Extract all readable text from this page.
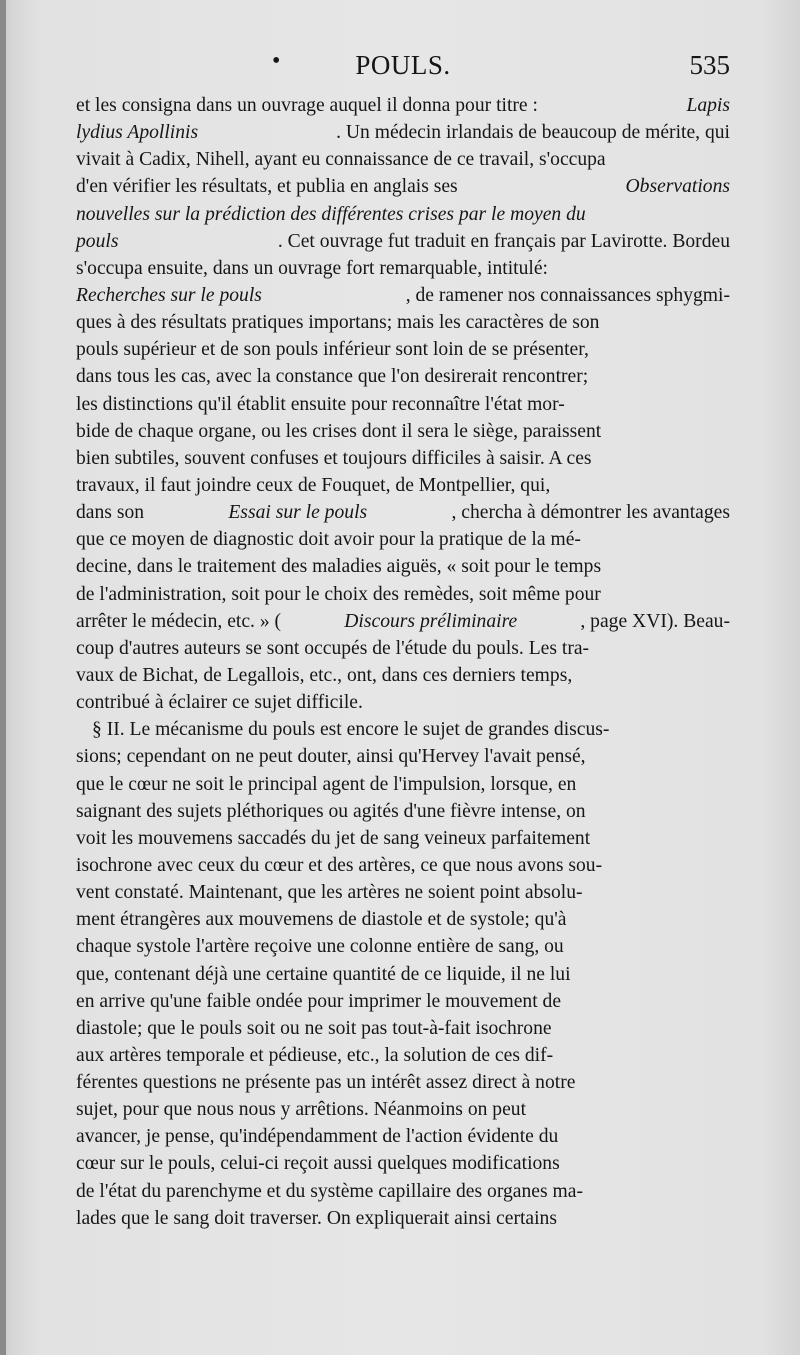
•	POULS.	535
et les consigna dans un ouvrage auquel il donna pour titre :	Lapis
lydius Apollinis	. Un médecin irlandais de beaucoup de mérite, qui
vivait à Cadix, Nihell, ayant eu connaissance de ce travail, s'occupa
d'en vérifier les résultats, et publia en anglais ses	Observations
nouvelles sur la prédiction des différentes crises par le moyen du
pouls	. Cet ouvrage fut traduit en français par Lavirotte. Bordeu
s'occupa ensuite, dans un ouvrage fort remarquable, intitulé:
Recherches sur le pouls	, de ramener nos connaissances sphygmi-
ques à des résultats pratiques importans; mais les caractères de son
pouls supérieur et de son pouls inférieur sont loin de se présenter,
dans tous les cas, avec la constance que l'on desirerait rencontrer;
les distinctions qu'il établit ensuite pour reconnaître l'état mor-
bide de chaque organe, ou les crises dont il sera le siège, paraissent
bien subtiles, souvent confuses et toujours difficiles à saisir. A ces
travaux, il faut joindre ceux de Fouquet, de Montpellier, qui,
dans son	Essai sur le pouls	, chercha à démontrer les avantages
que ce moyen de diagnostic doit avoir pour la pratique de la mé-
decine, dans le traitement des maladies aiguës, « soit pour le temps
de l'administration, soit pour le choix des remèdes, soit même pour
arrêter le médecin, etc. » (	Discours préliminaire	, page XVI). Beau-
coup d'autres auteurs se sont occupés de l'étude du pouls. Les tra-
vaux de Bichat, de Legallois, etc., ont, dans ces derniers temps,
contribué à éclairer ce sujet difficile.
§ II. Le mécanisme du pouls est encore le sujet de grandes discus-
sions; cependant on ne peut douter, ainsi qu'Hervey l'avait pensé,
que le cœur ne soit le principal agent de l'impulsion, lorsque, en
saignant des sujets pléthoriques ou agités d'une fièvre intense, on
voit les mouvemens saccadés du jet de sang veineux parfaitement
isochrone avec ceux du cœur et des artères, ce que nous avons sou-
vent constaté. Maintenant, que les artères ne soient point absolu-
ment étrangères aux mouvemens de diastole et de systole; qu'à
chaque systole l'artère reçoive une colonne entière de sang, ou
que, contenant déjà une certaine quantité de ce liquide, il ne lui
en arrive qu'une faible ondée pour imprimer le mouvement de
diastole; que le pouls soit ou ne soit pas tout-à-fait isochrone
aux artères temporale et pédieuse, etc., la solution de ces dif-
férentes questions ne présente pas un intérêt assez direct à notre
sujet, pour que nous nous y arrêtions. Néanmoins on peut
avancer, je pense, qu'indépendamment de l'action évidente du
cœur sur le pouls, celui-ci reçoit aussi quelques modifications
de l'état du parenchyme et du système capillaire des organes ma-
lades que le sang doit traverser. On expliquerait ainsi certains
